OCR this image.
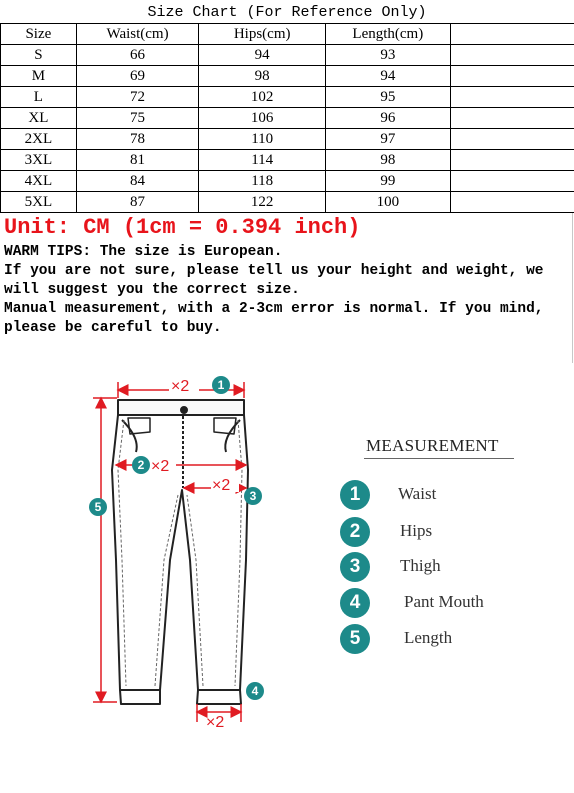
Size Chart (For Reference Only)
Size	Waist(cm)	Hips(cm)	Length(cm)	
S	66	94	93	
M	69	98	94	
L	72	102	95	
XL	75	106	96	
2XL	78	110	97	
3XL	81	114	98	
4XL	84	118	99	
5XL	87	122	100	
Unit: CM (1cm = 0.394 inch)
WARM TIPS: The size is European.
If you are not sure, please tell us your height and weight, we
will suggest you the correct size.
Manual measurement, with a 2-3cm error is normal. If you mind,
please be careful to buy.
×2
×2
×2
×2
1
2
3
4
5
MEASUREMENT
1	Waist
2	Hips
3	Thigh
4	Pant Mouth
5	Length
